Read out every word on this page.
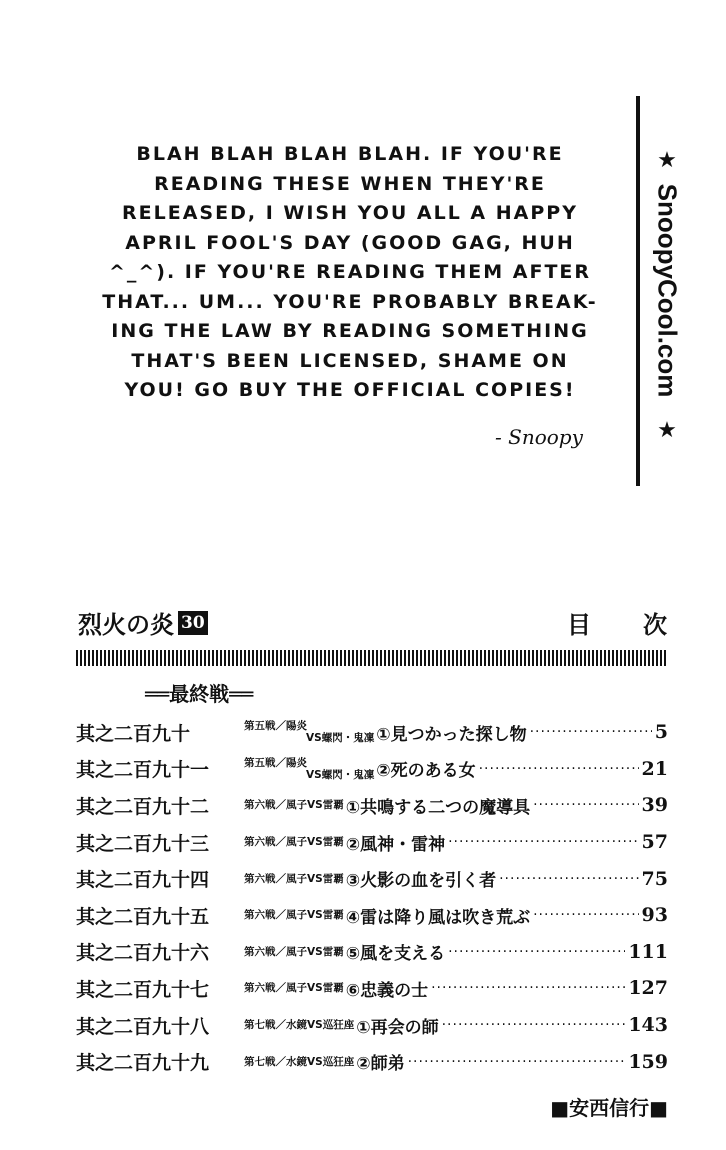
BLAH BLAH BLAH BLAH. IF YOU'RE
READING THESE WHEN THEY'RE
RELEASED, I WISH YOU ALL A HAPPY
APRIL FOOL'S DAY (GOOD GAG, HUH
^_^). IF YOU'RE READING THEM AFTER
THAT... UM... YOU'RE PROBABLY BREAK-
ING THE LAW BY READING SOMETHING
THAT'S BEEN LICENSED, SHAME ON
YOU! GO BUY THE OFFICIAL COPIES!
- Snoopy
★
SnoopyCool.com
★
烈火の炎 30	目 次
══最終戦══
其之二百九十	第五戦／陽炎
VS螺閃・鬼凜 ①見つかった探し物 ·····	5
其之二百九十一	第五戦／陽炎
VS螺閃・鬼凜 ②死のある女 ·····	21
其之二百九十二	第六戦／風子VS雷覇 ①共鳴する二つの魔導具 ·····	39
其之二百九十三	第六戦／風子VS雷覇 ②風神・雷神 ·····	57
其之二百九十四	第六戦／風子VS雷覇 ③火影の血を引く者 ·····	75
其之二百九十五	第六戦／風子VS雷覇 ④雷は降り風は吹き荒ぶ ·····	93
其之二百九十六	第六戦／風子VS雷覇 ⑤風を支える ·····	111
其之二百九十七	第六戦／風子VS雷覇 ⑥忠義の士 ·····	127
其之二百九十八	第七戦／水鏡VS巡狂座 ①再会の師 ·····	143
其之二百九十九	第七戦／水鏡VS巡狂座 ②師弟 ·····	159
■安西信行■
